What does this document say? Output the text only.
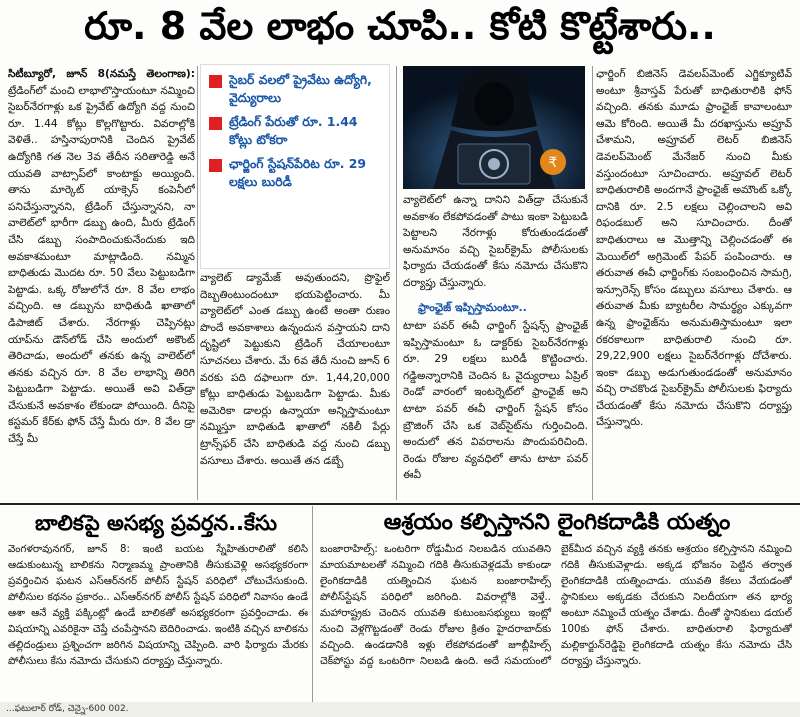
రూ. 8 వేల లాభం చూపి.. కోటి కొట్టేశారు..

సిటీబ్యూరో, జూన్ 8(నమస్తే తెలంగాణ): ట్రేడింగ్‌లో మంచి లాభాలొస్తాయంటూ నమ్మించి సైబర్‌నేరగాళ్లు ఒక ప్రైవేట్ ఉద్యోగి వద్ద నుంచి రూ. 1.44 కోట్లు కొల్లగొట్టారు. వివరాల్లోకి వెళితే.. హస్తినాపురానికి చెందిన ప్రైవేట్ ఉద్యోగికి గత నెల 3వ తేదీన సరితారెడ్డి అనే యువతి వాట్సాప్‌లో కాంటాక్టు అయ్యింది. తాను మార్కెట్ యాక్సెస్ కంపెనీలో పనిచేస్తున్నానని, ట్రేడింగ్ చేస్తున్నానని, నా వాలెట్‌లో భారీగా డబ్బు ఉంది, మీరు ట్రేడింగ్ చేసి డబ్బు సంపాదించుకునేందుకు ఇది అవకాశమంటూ మాట్లాడింది. నమ్మిన బాధితుడు మొదట రూ. 50 వేలు పెట్టుబడిగా పెట్టాడు. ఒక్క రోజులోనే రూ. 8 వేల లాభం వచ్చింది. ఆ డబ్బును బాధితుడి ఖాతాలో డిపాజిట్ చేశారు. నేరగాళ్లు చెప్పినట్లు యాప్‌ను డౌన్‌లోడ్ చేసి అందులో అకౌంట్ తెరిచాడు, అందులో తనకు ఉన్న వాలెట్‌లో తనకు వచ్చిన రూ. 8 వేల లాభాన్ని తిరిగి పెట్టుబడిగా పెట్టాడు. అయితే అవి విత్‌డ్రా చేసుకునే అవకాశం లేకుండా పోయింది. దీనిపై కస్టమర్ కేర్‌కు ఫోన్ చేస్తే మీరు రూ. 8 వేల డ్రా చేస్తే మీ

సైబర్ వలలో ప్రైవేటు ఉద్యోగి, వైద్యురాలు
ట్రేడింగ్ పేరుతో రూ. 1.44 కోట్లు టోకరా
ఛార్జింగ్ స్టేషన్‌పేరిట రూ. 29 లక్షలు బురిడీ

వ్యాలెట్ డ్యామేజ్ అవుతుందని, ప్రొఫైల్ దెబ్బతింటుందంటూ భయపెట్టించారు. మీ వ్యాలెట్‌లో ఎంత డబ్బు ఉంటే అంతా రుణం పొందే అవకాశాలు ఉన్నందున వస్తాయని దాని దృష్టిలో పెట్టుకుని ట్రేడింగ్ చేయాలంటూ సూచనలు చేశారు. మే 6వ తేదీ నుంచి జూన్ 6 వరకు పది దఫాలుగా రూ. 1,44,20,000 కోట్లు బాధితుడు పెట్టుబడిగా పెట్టాడు. మీకు అమెరికా డాలర్లు ఉన్నాయా అన్నిస్తామంటూ నమ్మిస్తూ బాధితుడి ఖాతాలో నకిలీ పేర్లు ట్రాన్స్‌ఫర్ చేసి బాధితుడి వద్ద నుంచి డబ్బు వసూలు చేశారు. అయితే తన డబ్బే

₹

వ్యాలెట్‌లో ఉన్నా దానిని విత్‌డ్రా చేసుకునే అవకాశం లేకపోవడంతో పాటు ఇంకా పెట్టుబడి పెట్టాలని నేరగాళ్లు కోరుతుండడంతో అనుమానం వచ్చి సైబర్‌క్రైమ్ పోలీసులకు ఫిర్యాదు చేయడంతో కేసు నమోదు చేసుకొని దర్యాప్తు చేస్తున్నారు.

ఫ్రాంఛైజ్ ఇప్పిస్తామంటూ..

టాటా పవర్ ఈవీ ఛార్జింగ్ స్టేషన్స్ ఫ్రాంఛైజ్ ఇప్పిస్తామంటూ ఓ డాక్టర్‌కు సైబర్‌నేరగాళ్లు రూ. 29 లక్షలు బురిడీ కొట్టించారు. గడ్డిఅన్నారానికి చెందిన ఓ వైద్యురాలు ఏప్రిల్ రెండో వారంలో ఇంటర్నెట్‌లో ఫ్రాంఛైజ్ అని టాటా పవర్ ఈవీ ఛార్జింగ్ స్టేషన్ కోసం బ్రౌజింగ్ చేసి ఒక వెబ్‌సైట్‌ను గుర్తించింది. అందులో తన వివరాలను పొందుపరిచింది. రెండు రోజుల వ్యవధిలో తాను టాటా పవర్ ఈవీ

ఛార్జింగ్ బిజినెస్ డెవలప్‌మెంట్ ఎగ్జిక్యూటివ్ అంటూ శ్రీవాస్తవ్ పేరుతో బాధితురాలికి ఫోన్ వచ్చింది. తనకు మూడు ఫ్రాంఛైజ్ కావాలంటూ ఆమె కోరింది. అయితే మీ దరఖాస్తును అప్రూవ్ చేశామని, అప్రూవల్ లెటర్ బిజినెస్ డెవలప్‌మెంట్ మేనేజర్ నుంచి మీకు వస్తుందంటూ సూచించారు. అప్రూవల్ లెటర్ బాధితురాలికి అందగానే ఫ్రాంఛైజ్ అమౌంట్ ఒక్కో దానికి రూ. 2.5 లక్షలు చెల్లించాలని అవి రిఫండబుల్ అని సూచించారు. దీంతో బాధితురాలు ఆ మొత్తాన్ని చెల్లించడంతో ఈ మెయిల్‌లో అగ్రిమెంట్ పేపర్ పంపించారు. ఆ తరువాత ఈవీ ఛార్జింగ్‌కు సంబంధించిన సామగ్రి, ఇన్సూరెన్స్ కోసం డబ్బులు వసూలు చేశారు. ఆ తరువాత మీకు బ్యాటరీల సామర్థ్యం ఎక్కువగా ఉన్న ఫ్రాంఛైజ్‌ను అనుమతిస్తామంటూ ఇలా రకరకాలుగా బాధితురాలి నుంచి రూ. 29,22,900 లక్షలు సైబర్‌నేరగాళ్లు దోచేశారు. ఇంకా డబ్బు అడుగుతుండడంతో అనుమానం వచ్చి రాచకొండ సైబర్‌క్రైమ్ పోలీసులకు ఫిర్యాదు చేయడంతో కేసు నమోదు చేసుకొని దర్యాప్తు చేస్తున్నారు.

బాలికపై అసభ్య ప్రవర్తన..కేసు

వెంగళరావునగర్, జూన్ 8: ఇంటి బయట స్నేహితురాలితో కలిసి ఆడుకుంటున్న బాలికను నిర్మాణమ్మ ప్రాంతానికి తీసుకువెళ్లి అసభ్యకరంగా ప్రవర్తించిన ఘటన ఎస్‌ఆర్‌నగర్ పోలీస్ స్టేషన్ పరిధిలో చోటుచేసుకుంది. పోలీసుల కథనం ప్రకారం.. ఎస్‌ఆర్‌నగర్ పోలీస్ స్టేషన్ పరిధిలో నివాసం ఉండే ఆశా ఆనే వ్యక్తి పక్కింట్లో ఉండే బాలికతో అసభ్యకరంగా ప్రవర్తించాడు. ఈ విషయాన్ని ఎవరికైనా చెప్తే చంపేస్తానని బెదిరించాడు. ఇంటికి వచ్చిన బాలికను తల్లిదండ్రులు ప్రశ్నించగా జరిగిన విషయాన్ని చెప్పింది. వారి ఫిర్యాదు మేరకు పోలీసులు కేసు నమోదు చేసుకుని దర్యాప్తు చేస్తున్నారు.

ఆశ్రయం కల్పిస్తానని లైంగికదాడికి యత్నం

బంజారాహిల్స్: ఒంటరిగా రోడ్డుమీద నిలబడిన యువతిని మాయమాటలతో నమ్మించి గదికి తీసుకువెళ్లడమే కాకుండా లైంగికదాడికి యత్నించిన ఘటన బంజారాహిల్స్ పోలీస్‌స్టేషన్ పరిధిలో జరిగింది. వివరాల్లోకి వెళ్తే.. మహారాష్ట్రకు చెందిన యువతి కుటుంబసభ్యులు ఇంట్లో నుంచి వెళ్లగొట్టడంతో రెండు రోజుల క్రితం హైదరాబాద్‌కు వచ్చింది. ఉండడానికి ఇళ్లు లేకపోవడంతో జూబ్లీహిల్స్ చెక్‌పోస్టు వద్ద ఒంటరిగా నిలబడి ఉంది. అదే సమయంలో బైక్‌మీద వచ్చిన వ్యక్తి తనకు ఆశ్రయం కల్పిస్తానని నమ్మించి గదికి తీసుకువెళ్లాడు. అక్కడ భోజనం పెట్టిన తర్వాత లైంగికదాడికి యత్నించాడు. యువతి కేకలు వేయడంతో స్థానికులు అక్కడకు చేరుకుని నిలదీయగా తన భార్య అంటూ నమ్మించే యత్నం చేశాడు. దీంతో స్థానికులు డయల్ 100కు ఫోన్ చేశారు. బాధితురాలి ఫిర్యాదుతో మల్లికార్జున్‌రెడ్డిపై లైంగికదాడి యత్నం కేసు నమోదు చేసి దర్యాప్తు చేస్తున్నారు.

...ఫటులార్ రోడ్, చెన్నై-600 002.
